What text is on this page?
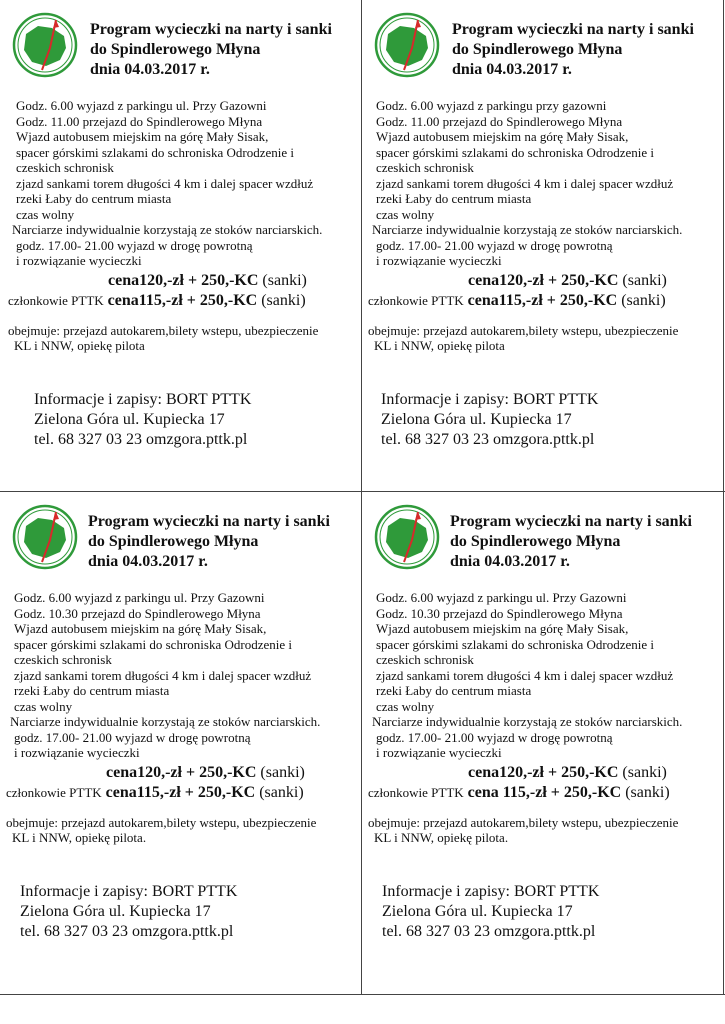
Program wycieczki na narty i sanki
do Spindlerowego Młyna
dnia 04.03.2017 r.
Godz. 6.00 wyjazd z parkingu ul. Przy Gazowni
Godz. 11.00 przejazd do Spindlerowego Młyna
Wjazd autobusem miejskim na górę Mały Sisak,
spacer górskimi szlakami do schroniska Odrodzenie i
czeskich schronisk
zjazd sankami torem długości 4 km i dalej spacer wzdłuż
rzeki Łaby do centrum miasta
czas wolny
Narciarze indywidualnie korzystają ze stoków narciarskich.
godz. 17.00- 21.00 wyjazd w drogę powrotną
i rozwiązanie wycieczki
cena120,-zł + 250,-KC (sanki)
członkowie PTTK cena115,-zł + 250,-KC (sanki)
obejmuje: przejazd autokarem,bilety wstepu, ubezpieczenie
KL i NNW, opiekę pilota
Informacje i zapisy: BORT PTTK
Zielona Góra ul. Kupiecka 17
tel. 68 327 03 23 omzgora.pttk.pl
Program wycieczki na narty i sanki
do Spindlerowego Młyna
dnia 04.03.2017 r.
Godz. 6.00 wyjazd z parkingu przy gazowni
Godz. 11.00 przejazd do Spindlerowego Młyna
Wjazd autobusem miejskim na górę Mały Sisak,
spacer górskimi szlakami do schroniska Odrodzenie i
czeskich schronisk
zjazd sankami torem długości 4 km i dalej spacer wzdłuż
rzeki Łaby do centrum miasta
czas wolny
Narciarze indywidualnie korzystają ze stoków narciarskich.
godz. 17.00- 21.00 wyjazd w drogę powrotną
i rozwiązanie wycieczki
cena120,-zł + 250,-KC (sanki)
członkowie PTTK cena115,-zł + 250,-KC (sanki)
obejmuje: przejazd autokarem,bilety wstepu, ubezpieczenie
KL i NNW, opiekę pilota
Informacje i zapisy: BORT PTTK
Zielona Góra ul. Kupiecka 17
tel. 68 327 03 23 omzgora.pttk.pl
Program wycieczki na narty i sanki
do Spindlerowego Młyna
dnia 04.03.2017 r.
Godz. 6.00 wyjazd z parkingu ul. Przy Gazowni
Godz. 10.30 przejazd do Spindlerowego Młyna
Wjazd autobusem miejskim na górę Mały Sisak,
spacer górskimi szlakami do schroniska Odrodzenie i
czeskich schronisk
zjazd sankami torem długości 4 km i dalej spacer wzdłuż
rzeki Łaby do centrum miasta
czas wolny
Narciarze indywidualnie korzystają ze stoków narciarskich.
godz. 17.00- 21.00 wyjazd w drogę powrotną
i rozwiązanie wycieczki
cena120,-zł + 250,-KC (sanki)
członkowie PTTK cena115,-zł + 250,-KC (sanki)
obejmuje: przejazd autokarem,bilety wstepu, ubezpieczenie
KL i NNW, opiekę pilota.
Informacje i zapisy: BORT PTTK
Zielona Góra ul. Kupiecka 17
tel. 68 327 03 23 omzgora.pttk.pl
Program wycieczki na narty i sanki
do Spindlerowego Młyna
dnia 04.03.2017 r.
Godz. 6.00 wyjazd z parkingu ul. Przy Gazowni
Godz. 10.30 przejazd do Spindlerowego Młyna
Wjazd autobusem miejskim na górę Mały Sisak,
spacer górskimi szlakami do schroniska Odrodzenie i
czeskich schronisk
zjazd sankami torem długości 4 km i dalej spacer wzdłuż
rzeki Łaby do centrum miasta
czas wolny
Narciarze indywidualnie korzystają ze stoków narciarskich.
godz. 17.00- 21.00 wyjazd w drogę powrotną
i rozwiązanie wycieczki
cena120,-zł + 250,-KC (sanki)
członkowie PTTK cena 115,-zł + 250,-KC (sanki)
obejmuje: przejazd autokarem,bilety wstepu, ubezpieczenie
KL i NNW, opiekę pilota.
Informacje i zapisy: BORT PTTK
Zielona Góra ul. Kupiecka 17
tel. 68 327 03 23 omzgora.pttk.pl
